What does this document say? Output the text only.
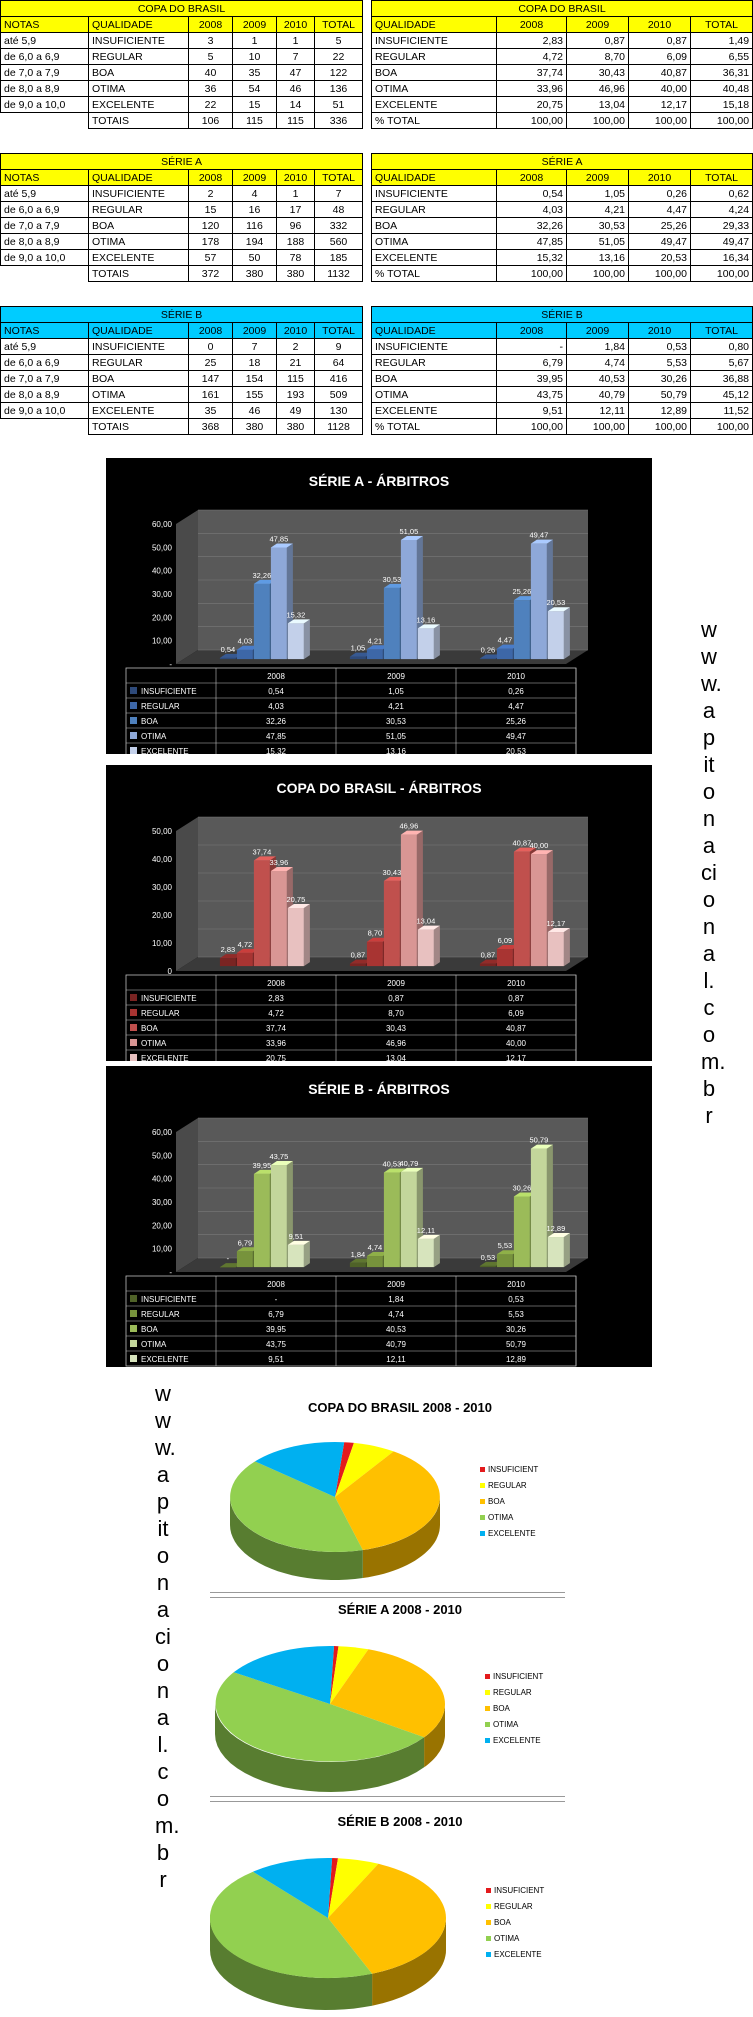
COPA DO BRASIL					
NOTAS	QUALIDADE	2008	2009	2010	TOTAL
até 5,9	INSUFICIENTE	3	1	1	5
de 6,0 a 6,9	REGULAR	5	10	7	22
de 7,0 a 7,9	BOA	40	35	47	122
de 8,0 a 8,9	OTIMA	36	54	46	136
de 9,0 a 10,0	EXCELENTE	22	15	14	51
	TOTAIS	106	115	115	336
COPA DO BRASIL				
QUALIDADE	2008	2009	2010	TOTAL
INSUFICIENTE	2,83	0,87	0,87	1,49
REGULAR	4,72	8,70	6,09	6,55
BOA	37,74	30,43	40,87	36,31
OTIMA	33,96	46,96	40,00	40,48
EXCELENTE	20,75	13,04	12,17	15,18
% TOTAL	100,00	100,00	100,00	100,00
SÉRIE A					
NOTAS	QUALIDADE	2008	2009	2010	TOTAL
até 5,9	INSUFICIENTE	2	4	1	7
de 6,0 a 6,9	REGULAR	15	16	17	48
de 7,0 a 7,9	BOA	120	116	96	332
de 8,0 a 8,9	OTIMA	178	194	188	560
de 9,0 a 10,0	EXCELENTE	57	50	78	185
	TOTAIS	372	380	380	1132
SÉRIE A				
QUALIDADE	2008	2009	2010	TOTAL
INSUFICIENTE	0,54	1,05	0,26	0,62
REGULAR	4,03	4,21	4,47	4,24
BOA	32,26	30,53	25,26	29,33
OTIMA	47,85	51,05	49,47	49,47
EXCELENTE	15,32	13,16	20,53	16,34
% TOTAL	100,00	100,00	100,00	100,00
SÉRIE B					
NOTAS	QUALIDADE	2008	2009	2010	TOTAL
até 5,9	INSUFICIENTE	0	7	2	9
de 6,0 a 6,9	REGULAR	25	18	21	64
de 7,0 a 7,9	BOA	147	154	115	416
de 8,0 a 8,9	OTIMA	161	155	193	509
de 9,0 a 10,0	EXCELENTE	35	46	49	130
	TOTAIS	368	380	380	1128
SÉRIE B				
QUALIDADE	2008	2009	2010	TOTAL
INSUFICIENTE	-	1,84	0,53	0,80
REGULAR	6,79	4,74	5,53	5,67
BOA	39,95	40,53	30,26	36,88
OTIMA	43,75	40,79	50,79	45,12
EXCELENTE	9,51	12,11	12,89	11,52
% TOTAL	100,00	100,00	100,00	100,00
SÉRIE A - ÁRBITROS
-
10,00
20,00
30,00
40,00
50,00
60,00
0,54
4,03
32,26
47,85
15,32
1,05
4,21
30,53
51,05
13,16
0,26
4,47
25,26
49,47
20,53
2008	2009	2010
INSUFICIENTE	0,54	1,05	0,26
REGULAR	4,03	4,21	4,47
BOA	32,26	30,53	25,26
OTIMA	47,85	51,05	49,47
EXCELENTE	15,32	13,16	20,53
COPA DO BRASIL - ÁRBITROS
0
10,00
20,00
30,00
40,00
50,00
2,83
4,72
37,74
33,96
20,75
0,87
8,70
30,43
46,96
13,04
0,87
6,09
40,87
40,00
12,17
2008	2009	2010
INSUFICIENTE	2,83	0,87	0,87
REGULAR	4,72	8,70	6,09
BOA	37,74	30,43	40,87
OTIMA	33,96	46,96	40,00
EXCELENTE	20,75	13,04	12,17
SÉRIE B - ÁRBITROS
-
10,00
20,00
30,00
40,00
50,00
60,00
-
6,79
39,95
43,75
9,51
1,84
4,74
40,53
40,79
12,11
0,53
5,53
30,26
50,79
12,89
2008	2009	2010
INSUFICIENTE	-	1,84	0,53
REGULAR	6,79	4,74	5,53
BOA	39,95	40,53	30,26
OTIMA	43,75	40,79	50,79
EXCELENTE	9,51	12,11	12,89
www.apitonacional.com.br
www.apitonacional.com.br
COPA DO BRASIL 2008 - 2010
INSUFICIENT
REGULAR
BOA
OTIMA
EXCELENTE
SÉRIE A 2008 - 2010
INSUFICIENT
REGULAR
BOA
OTIMA
EXCELENTE
SÉRIE B 2008 - 2010
INSUFICIENT
REGULAR
BOA
OTIMA
EXCELENTE
